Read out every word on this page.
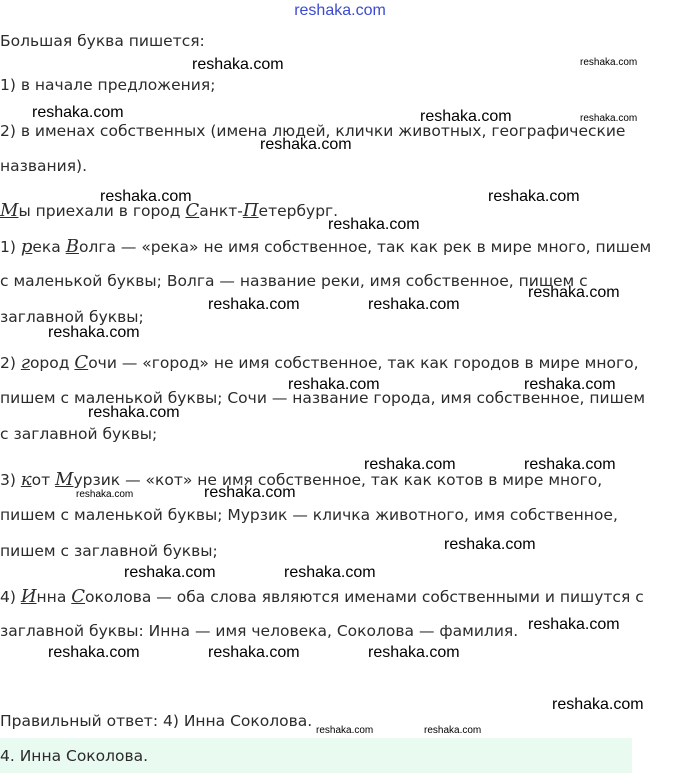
reshaka.com
Большая буква пишется:
1) в начале предложения;
2) в именах собственных (имена людей, клички животных, географические
названия).
Мы приехали в город Санкт-Петербург.
1) река Волга — «река» не имя собственное, так как рек в мире много, пишем
с маленькой буквы; Волга — название реки, имя собственное, пишем с
заглавной буквы;
2) город Сочи — «город» не имя собственное, так как городов в мире много,
пишем с маленькой буквы; Сочи — название города, имя собственное, пишем
с заглавной буквы;
3) кот Мурзик — «кот» не имя собственное, так как котов в мире много,
пишем с маленькой буквы; Мурзик — кличка животного, имя собственное,
пишем с заглавной буквы;
4) Инна Соколова — оба слова являются именами собственными и пишутся с
заглавной буквы: Инна — имя человека, Соколова — фамилия.
Правильный ответ: 4) Инна Соколова.
4. Инна Соколова.
reshaka.com	reshaka.com
reshaka.com	reshaka.com	reshaka.com
reshaka.com
reshaka.com	reshaka.com
reshaka.com
reshaka.com
reshaka.com	reshaka.com
reshaka.com
reshaka.com	reshaka.com
reshaka.com
reshaka.com	reshaka.com
reshaka.com	reshaka.com
reshaka.com
reshaka.com	reshaka.com
reshaka.com
reshaka.com	reshaka.com	reshaka.com
reshaka.com
reshaka.com	reshaka.com
